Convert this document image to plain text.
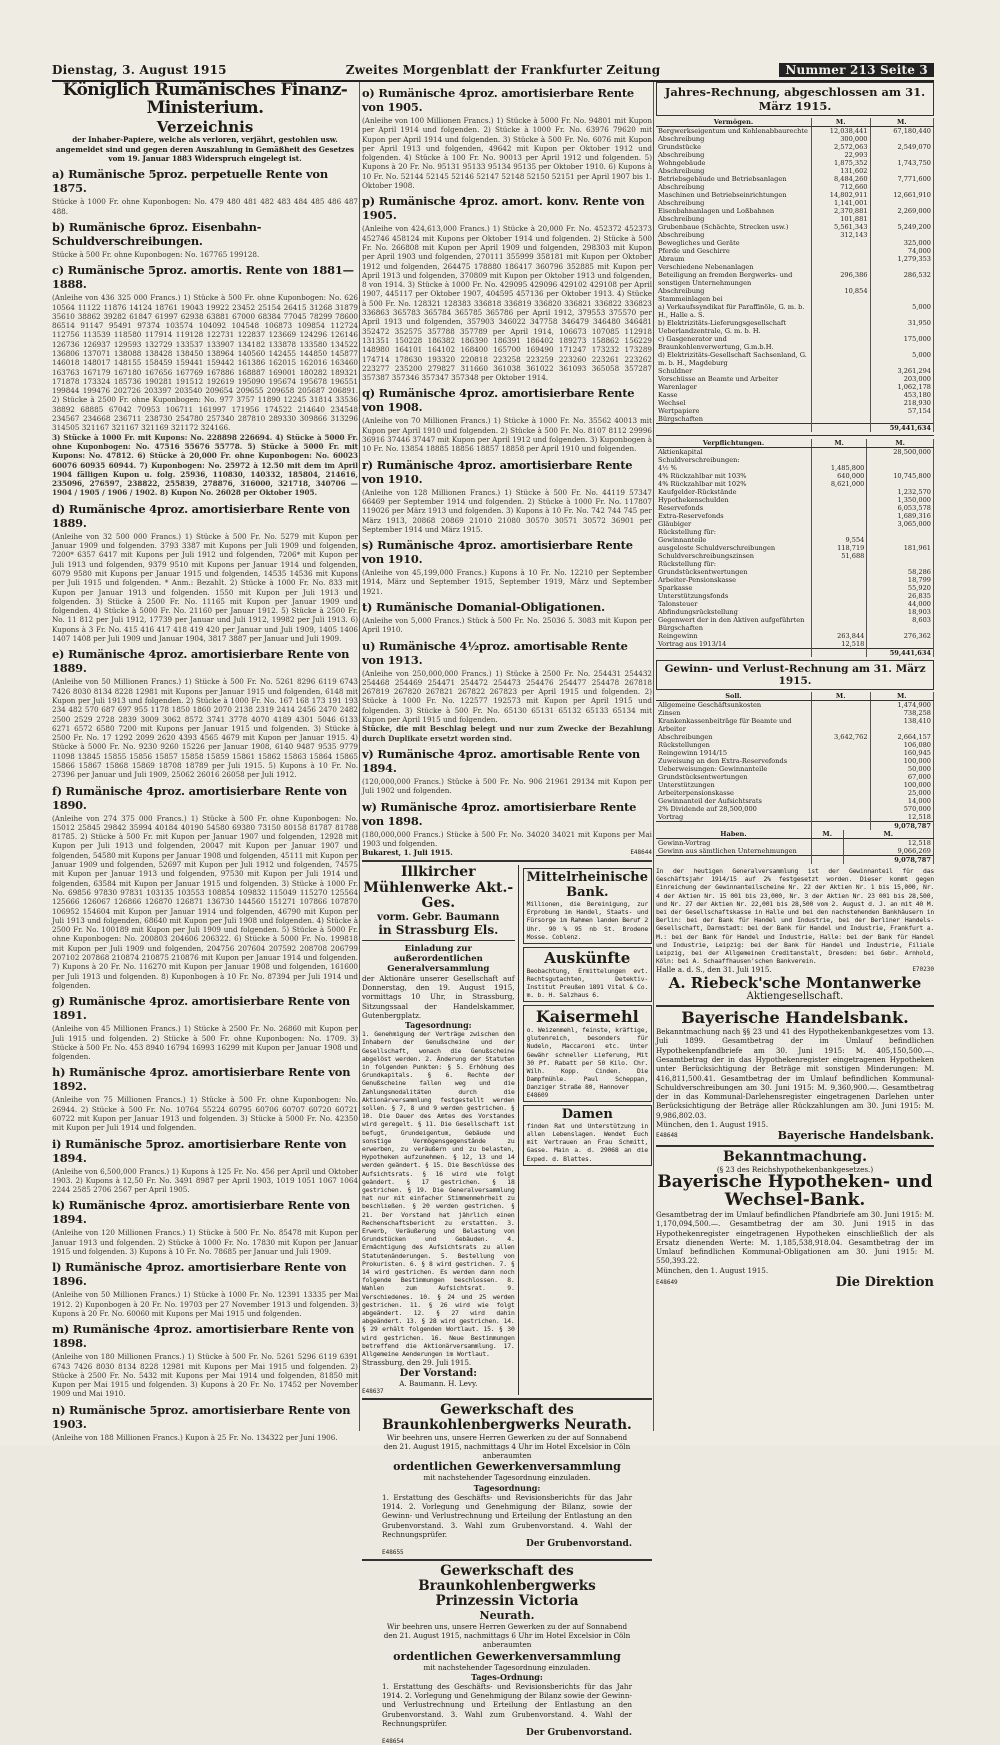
Dienstag, 3. August 1915	Zweites Morgenblatt der Frankfurter Zeitung	Nummer 213 Seite 3
Königlich Rumänisches Finanz-Ministerium.
Verzeichnis

der Inhaber-Papiere, welche als verloren, verjährt, gestohlen usw. angemeldet sind und gegen deren Auszahlung in Gemäßheit des Gesetzes vom 19. Januar 1883 Widerspruch eingelegt ist.

a) Rumänische 5proz. perpetuelle Rente von 1875.

Stücke à 1000 Fr. ohne Kuponbogen: No. 479 480 481 482 483 484 485 486 487 488.

b) Rumänische 6proz. Eisenbahn-Schuldverschreibungen.

Stücke à 500 Fr. ohne Kuponbogen: No. 167765 199128.

c) Rumänische 5proz. amortis. Rente von 1881—1888.

(Anleihe von 436 325 000 Francs.) 1) Stücke à 500 Fr. ohne Kuponbogen: No. 626 10564 11122 11876 14124 18761 19043 19922 23452 25154 26415 31268 31879 35610 38862 39282 61847 61997 62938 63881 67000 68384 77045 78299 78600 86514 91147 95491 97374 103574 104092 104548 106873 109854 112724 112756 113539 118580 117914 119128 122731 122837 123669 124296 126146 126736 126937 129593 132729 133537 133907 134182 133878 133580 134522 136806 137071 138088 138428 138450 138964 140560 142455 144850 145877 146018 148017 148155 158459 159441 159442 161386 162015 162016 163460 163763 167179 167180 167656 167769 167886 168887 169001 180282 189321 171878 173324 185736 190281 191512 192619 195090 195674 195678 196551 199844 199476 202726 203397 203540 209654 209655 209658 205687 206891. 2) Stücke à 2500 Fr. ohne Kuponbogen: No. 977 3757 11890 12245 31814 33536 38892 68885 67042 70953 106711 161997 171956 174522 214640 234548 234567 234668 236711 238730 254780 257340 287810 289330 309866 313296 314505 321167 321167 321169 321172 324166.

3) Stücke à 1000 Fr. mit Kupons: No. 228898 226694. 4) Stücke à 5000 Fr. ohne Kuponbogen: No. 47516 55676 55778. 5) Stücke à 5000 Fr. mit Kupons: No. 47812. 6) Stücke à 20,000 Fr. ohne Kuponbogen: No. 60023 60076 60935 60944. 7) Kuponbogen: No. 25972 à 12.50 mit dem im April 1904 fälligen Kupon u. folg. 25936, 110830, 140332, 185804, 214616, 235096, 276597, 238822, 255839, 278876, 316000, 321718, 340706 — 1904 / 1905 / 1906 / 1902. 8) Kupon No. 26028 per Oktober 1905.

d) Rumänische 4proz. amortisierbare Rente von 1889.

(Anleihe von 32 500 000 Francs.) 1) Stücke à 500 Fr. No. 5279 mit Kupon per Januar 1909 und folgenden. 3793 3387 mit Kupons per Juli 1909 und folgenden, 7200* 6357 6417 mit Kupons per Juli 1912 und folgenden, 7206* mit Kupon per Juli 1913 und folgenden, 9379 9510 mit Kupons per Januar 1914 und folgenden, 6079 9580 mit Kupons per Januar 1915 und folgenden, 14535 14536 mit Kupons per Juli 1915 und folgenden. * Anm.: Bezahlt. 2) Stücke à 1000 Fr. No. 833 mit Kupon per Januar 1913 und folgenden. 1550 mit Kupon per Juli 1913 und folgenden. 3) Stücke à 2500 Fr. No. 11165 mit Kupon per Januar 1909 und folgenden. 4) Stücke à 5000 Fr. No. 21160 per Januar 1912. 5) Stücke à 2500 Fr. No. 11 812 per Juli 1912, 17739 per Januar und Juli 1912, 19982 per Juli 1913. 6) Kupons à 3 Fr. No. 415 416 417 418 419 420 per Januar und Juli 1909, 1405 1406 1407 1408 per Juli 1909 und Januar 1904, 3817 3887 per Januar und Juli 1909.

e) Rumänische 4proz. amortisierbare Rente von 1889.

(Anleihe von 50 Millionen Francs.) 1) Stücke à 500 Fr. No. 5261 8296 6119 6743 7426 8030 8134 8228 12981 mit Kupons per Januar 1915 und folgenden, 6148 mit Kupon per Juli 1913 und folgenden. 2) Stücke à 1000 Fr. No. 167 168 173 191 193 234 482 570 687 697 955 1178 1850 1860 2070 2138 2319 2414 2456 2470 2482 2500 2529 2728 2839 3009 3062 8572 3741 3778 4070 4189 4301 5046 6133 6271 6572 6580 7200 mit Kupons per Januar 1915 und folgenden. 3) Stücke à 2500 Fr. No. 17 1292 2099 2620 4393 4565 4679 mit Kupon per Januar 1915. 4) Stücke à 5000 Fr. No. 9230 9260 15226 per Januar 1908, 6140 9487 9535 9779 11098 13845 15855 15856 15857 15858 15859 15861 15862 15863 15864 15865 15866 15867 15868 15869 18708 18789 per Juli 1915. 5) Kupons à 10 Fr. No. 27396 per Januar und Juli 1909, 25062 26016 26058 per Juli 1912.

f) Rumänische 4proz. amortisierbare Rente von 1890.

(Anleihe von 274 375 000 Francs.) 1) Stücke à 500 Fr. ohne Kuponbogen: No. 15012 25845 29842 35994 40184 40190 54580 69380 73150 80158 81787 81788 81785. 2) Stücke à 500 Fr. mit Kupon per Januar 1907 und folgenden, 12928 mit Kupon per Juli 1913 und folgenden, 20047 mit Kupon per Januar 1907 und folgenden, 54580 mit Kupons per Januar 1908 und folgenden, 45111 mit Kupon per Januar 1909 und folgenden, 52697 mit Kupon per Juli 1912 und folgenden, 74575 mit Kupon per Januar 1913 und folgenden, 97530 mit Kupon per Juli 1914 und folgenden, 63584 mit Kupon per Januar 1915 und folgenden. 3) Stücke à 1000 Fr. No. 69856 97830 97831 103135 103553 108854 109832 115049 115270 125564 125666 126067 126866 126870 126871 136730 144560 151271 107866 107870 106952 154604 mit Kupon per Januar 1914 und folgenden, 46790 mit Kupon per Juli 1913 und folgenden, 68640 mit Kupon per Juli 1908 und folgenden. 4) Stücke à 2500 Fr. No. 100189 mit Kupon per Juli 1909 und folgenden. 5) Stücke à 5000 Fr. ohne Kuponbogen: No. 200803 204606 206322. 6) Stücke à 5000 Fr. No. 199818 mit Kupon per Juli 1909 und folgenden, 204756 207604 207592 208708 206799 207102 207868 210874 210875 210876 mit Kupon per Januar 1914 und folgenden. 7) Kupons à 20 Fr. No. 116270 mit Kupon per Januar 1908 und folgenden, 161600 per Juli 1913 und folgenden. 8) Kuponbogen à 10 Fr. No. 87394 per Juli 1914 und folgenden.

g) Rumänische 4proz. amortisierbare Rente von 1891.

(Anleihe von 45 Millionen Francs.) 1) Stücke à 2500 Fr. No. 26860 mit Kupon per Juli 1915 und folgenden. 2) Stücke à 500 Fr. ohne Kuponbogen: No. 1709. 3) Stücke à 500 Fr. No. 453 8940 16794 16993 16299 mit Kupon per Januar 1908 und folgenden.

h) Rumänische 4proz. amortisierbare Rente von 1892.

(Anleihe von 75 Millionen Francs.) 1) Stücke à 500 Fr. ohne Kuponbogen: No. 26944. 2) Stücke à 500 Fr. No. 10764 55224 60795 60706 60707 60720 60721 60722 mit Kupon per Januar 1913 und folgenden. 3) Stücke à 5000 Fr. No. 42350 mit Kupon per Juli 1914 und folgenden.

i) Rumänische 5proz. amortisierbare Rente von 1894.

(Anleihe von 6,500,000 Francs.) 1) Kupons à 125 Fr. No. 456 per April und Oktober 1903. 2) Kupons à 12,50 Fr. No. 3491 8987 per April 1903, 1019 1051 1067 1064 2244 2585 2706 2567 per April 1905.

k) Rumänische 4proz. amortisierbare Rente von 1894.

(Anleihe von 120 Millionen Francs.) 1) Stücke à 500 Fr. No. 85478 mit Kupon per Januar 1913 und folgenden. 2) Stücke à 1000 Fr. No. 17830 mit Kupon per Januar 1915 und folgenden. 3) Kupons à 10 Fr. No. 78685 per Januar und Juli 1909.

l) Rumänische 4proz. amortisierbare Rente von 1896.

(Anleihe von 50 Millionen Francs.) 1) Stücke à 1000 Fr. No. 12391 13335 per Mai 1912. 2) Kuponbogen à 20 Fr. No. 19703 per 27 November 1913 und folgenden. 3) Kupons à 20 Fr. No. 60060 mit Kupons per Mai 1915 und folgenden.

m) Rumänische 4proz. amortisierbare Rente von 1898.

(Anleihe von 180 Millionen Francs.) 1) Stücke à 500 Fr. No. 5261 5296 6119 6391 6743 7426 8030 8134 8228 12981 mit Kupons per Mai 1915 und folgenden. 2) Stücke à 2500 Fr. No. 5432 mit Kupons per Mai 1914 und folgenden, 81850 mit Kupon per Mai 1915 und folgenden. 3) Kupons à 20 Fr. No. 17452 per November 1909 und Mai 1910.

n) Rumänische 5proz. amortisierbare Rente von 1903.

(Anleihe von 188 Millionen Francs.) Kupon à 25 Fr. No. 134322 per Juni 1906.

o) Rumänische 4proz. amortisierbare Rente von 1905.

(Anleihe von 100 Millionen Francs.) 1) Stücke à 5000 Fr. No. 94801 mit Kupon per April 1914 und folgenden. 2) Stücke à 1000 Fr. No. 63976 79620 mit Kupon per April 1914 und folgenden. 3) Stücke à 500 Fr. No. 6076 mit Kupon per April 1913 und folgenden, 49642 mit Kupon per Oktober 1912 und folgenden. 4) Stücke à 100 Fr. No. 90013 per April 1912 und folgenden. 5) Kupons à 20 Fr. No. 95131 95133 95134 95135 per Oktober 1910. 6) Kupons à 10 Fr. No. 52144 52145 52146 52147 52148 52150 52151 per April 1907 bis 1. Oktober 1908.

p) Rumänische 4proz. amort. konv. Rente von 1905.

(Anleihe von 424,613,000 Francs.) 1) Stücke à 20,000 Fr. No. 452372 452373 452746 458124 mit Kupons per Oktober 1914 und folgenden. 2) Stücke à 500 Fr. No. 266808 mit Kupon per April 1909 und folgenden, 298303 mit Kupon per April 1903 und folgenden, 270111 355999 358181 mit Kupon per Oktober 1912 und folgenden, 264475 178880 186417 360796 352885 mit Kupon per April 1913 und folgenden, 370809 mit Kupon per Oktober 1913 und folgenden, 8 von 1914. 3) Stücke à 1000 Fr. No. 429095 429096 429102 429108 per April 1907, 445117 per Oktober 1907, 404595 457136 per Oktober 1913. 4) Stücke à 500 Fr. No. 128321 128383 336818 336819 336820 336821 336822 336823 336863 365783 365784 365785 365786 per April 1912, 379553 375570 per April 1913 und folgenden, 357903 346022 347758 346479 346480 346481 352472 352575 357788 357789 per April 1914, 106673 107085 112918 131351 150228 186382 186390 186391 186402 189273 158862 156229 148980 164101 164102 168400 165700 169490 171247 173232 173289 174714 178630 193320 220818 223258 223259 223260 223261 223262 223277 235200 279827 311660 361038 361022 361093 365058 357287 357387 357346 357347 357348 per Oktober 1914.

q) Rumänische 4proz. amortisierbare Rente von 1908.

(Anleihe von 70 Millionen Francs.) 1) Stücke à 1000 Fr. No. 35562 40013 mit Kupon per April 1910 und folgenden. 2) Stücke à 500 Fr. No. 8107 8112 29996 36916 37446 37447 mit Kupon per April 1912 und folgenden. 3) Kuponbogen à 10 Fr. No. 13854 18885 18856 18857 18858 per April 1910 und folgenden.

r) Rumänische 4proz. amortisierbare Rente von 1910.

(Anleihe von 128 Millionen Francs.) 1) Stücke à 500 Fr. No. 44119 57347 66469 per September 1914 und folgenden. 2) Stücke à 1000 Fr. No. 117807 119026 per März 1913 und folgenden. 3) Kupons à 10 Fr. No. 742 744 745 per März 1913, 20868 20869 21010 21080 30570 30571 30572 36901 per September 1914 und März 1915.

s) Rumänische 4proz. amortisierbare Rente von 1910.

(Anleihe von 45,199,000 Francs.) Kupons à 10 Fr. No. 12210 per September 1914, März und September 1915, September 1919, März und September 1921.

t) Rumänische Domanial-Obligationen.

(Anleihe von 5,000 Francs.) Stück à 500 Fr. No. 25036 5. 3083 mit Kupon per April 1910.

u) Rumänische 4½proz. amortisable Rente von 1913.

(Anleihe von 250,000,000 Francs.) 1) Stücke à 2500 Fr. No. 254431 254432 254468 254469 254471 254472 254473 254476 254477 254478 267818 267819 267820 267821 267822 267823 per April 1915 und folgenden. 2) Stücke à 1000 Fr. No. 122577 192573 mit Kupon per April 1915 und folgenden. 3) Stücke à 500 Fr. No. 65130 65131 65132 65133 65134 mit Kupon per April 1915 und folgenden.

Stücke, die mit Beschlag belegt und nur zum Zwecke der Bezahlung durch Duplikate ersetzt worden sind.

v) Rumänische 4proz. amortisable Rente von 1894.

(120,000,000 Francs.) Stücke à 500 Fr. No. 906 21961 29134 mit Kupon per Juli 1902 und folgenden.

w) Rumänische 4proz. amortisierbare Rente von 1898.

(180,000,000 Francs.) Stücke à 500 Fr. No. 34020 34021 mit Kupons per Mai 1903 und folgenden.

Bukarest, 1. Juli 1915.	E48644
Illkircher Mühlenwerke Akt.-Ges.
vorm. Gebr. Baumann
in Strassburg Els.
Einladung zur außerordentlichen Generalversammlung

der Aktionäre unserer Gesellschaft auf Donnerstag, den 19. August 1915, vormittags 10 Uhr, in Strassburg, Sitzungssaal der Handelskammer, Gutenbergplatz.

Tagesordnung:

1. Genehmigung der Verträge zwischen den Inhabern der Genußscheine und der Gesellschaft, wonach die Genußscheine abgelöst werden. 2. Änderung der Statuten in folgenden Punkten: § 5. Erhöhung des Grundkapitals. § 6. Rechte der Genußscheine fallen weg und die Zahlungsmodalitäten durch die Aktionärversammlung festgestellt werden sollen. § 7, 8 und 9 werden gestrichen. § 10. Die Dauer des Amtes des Vorstandes wird geregelt. § 11. Die Gesellschaft ist befugt, Grundeigentum, Gebäude und sonstige Vermögensgegenstände zu erwerben, zu veräußern und zu belasten, Hypotheken aufzunehmen. § 12, 13 und 14 werden geändert. § 15. Die Beschlüsse des Aufsichtsrats. § 16 wird wie folgt geändert. § 17 gestrichen. § 18 gestrichen. § 19. Die Generalversammlung hat nur mit einfacher Stimmenmehrheit zu beschließen. § 20 werden gestrichen. § 21. Der Vorstand hat jährlich einen Rechenschaftsbericht zu erstatten. 3. Erwerb, Veräußerung und Belastung von Grundstücken und Gebäuden. 4. Ermächtigung des Aufsichtsrats zu allen Statutenänderungen. 5. Bestellung von Prokuristen. 6. § 8 wird gestrichen. 7. § 14 wird gestrichen. Es werden dann noch folgende Bestimmungen beschlossen. 8. Wahlen zum Aufsichtsrat. 9. Verschiedenes. 10. § 24 und 25 werden gestrichen. 11. § 26 wird wie folgt abgeändert. 12. § 27 wird dahin abgeändert. 13. § 28 wird gestrichen. 14. § 29 erhält folgenden Wortlaut. 15. § 30 wird gestrichen. 16. Neue Bestimmungen betreffend die Aktionärversammlung. 17. Allgemeine Aenderungen im Wortlaut.

Strassburg, den 29. Juli 1915.

Der Vorstand:
A. Baumann. H. Levy.
E48637
Mittelrheinische Bank.

Millionen, die Bereinigung, zur Erprobung im Handel, Staats- und Fürsorge im Rahmen landen Beruf 2 Uhr. 90 % 95 nb St. Brodene Mosse. Coblenz.

Auskünfte

Beobachtung, Ermittelungen evt. Rechtsgutachten, Detektiv-Institut Preußen 1891 Vital & Co. m. b. H. Salzhaus 6.

Kaisermehl

o. Weizenmehl, feinste, kräftige, glutenreich, besonders für Nudeln, Maccaroni etc. Unter Gewähr schneller Lieferung, Mit 30 Pf. Rabatt per 50 Kilo. Chr. Wilh. Kopp. Cinden. Die Dampfmühle. Paul Scheppan, Danziger Straße 80, Hannover

E48609
Damen

finden Rat und Unterstützung in allen Lebenslagen. Wendet Euch mit Vertrauen an Frau Schmitt, Gasse. Main a. d. 29068 an die Exped. d. Blattes.

Gewerkschaft des Braunkohlenbergwerks Neurath.

Wir beehren uns, unsere Herren Gewerken zu der auf Sonnabend den 21. August 1915, nachmittags 4 Uhr im Hotel Excelsior in Cöln anberaumten

ordentlichen Gewerkenversammlung

mit nachstehender Tagesordnung einzuladen.

Tagesordnung:

1. Erstattung des Geschäfts- und Revisionsberichts für das Jahr 1914. 2. Vorlegung und Genehmigung der Bilanz, sowie der Gewinn- und Verlustrechnung und Erteilung der Entlastung an den Grubenvorstand. 3. Wahl zum Grubenvorstand. 4. Wahl der Rechnungsprüfer.

Der Grubenvorstand.
E48655
Gewerkschaft des Braunkohlenbergwerks Prinzessin Victoria
Neurath.

Wir beehren uns, unsere Herren Gewerken zu der auf Sonnabend den 21. August 1915, nachmittags 6 Uhr im Hotel Excelsior in Cöln anberaumten

ordentlichen Gewerkenversammlung

mit nachstehender Tagesordnung einzuladen.

Tages-Ordnung:

1. Erstattung des Geschäfts- und Revisionsberichts für das Jahr 1914. 2. Vorlegung und Genehmigung der Bilanz sowie der Gewinn- und Verlustrechnung und Erteilung der Entlastung an den Grubenvorstand. 3. Wahl zum Grubenvorstand. 4. Wahl der Rechnungsprüfer.

Der Grubenvorstand.
E48654
Jahres-Rechnung, abgeschlossen am 31. März 1915.
Vermögen.	M.	M.
Bergwerkseigentum und Kohlenabbaurechte	12,038,441	67,180,440
Abschreibung	300,000	
Grundstücke	2,572,063	2,549,070
Abschreibung	22,993	
Wohngebäude	1,875,352	1,743,750
Abschreibung	131,602	
Betriebsgebäude und Betriebsanlagen	8,484,260	7,771,600
Abschreibung	712,660	
Maschinen und Betriebseinrichtungen	14,802,911	12,661,910
Abschreibung	1,141,001	
Eisenbahnanlagen und Loßbahnen	2,370,881	2,269,000
Abschreibung	101,881	
Grubenbaue (Schächte, Strecken usw.)	5,561,343	5,249,200
Abschreibung	312,143	
Bewegliches und Geräte		325,000
Pferde und Geschirre		74,000
Abraum		1,279,353
Verschiedene Nebenanlagen		
Beteiligung an fremden Bergwerks- und sonstigen Unternehmungen	296,386	286,532
Abschreibung	10,854	
Stammeinlagen bei		
a) Verkaufssyndikat für Paraffinöle, G. m. b. H., Halle a. S.		5,000
b) Elektrizitäts-Lieferungsgesellschaft Ueberlandzentrale, G. m. b. H.		31,950
c) Gasgenerator und Braunkohlenverwertung, G.m.b.H.		175,000
d) Elektrizitäts-Gesellschaft Sachsenland, G. m. b. H., Magdeburg		5,000
Schuldner		3,261,294
Vorschüsse an Beamte und Arbeiter		203,000
Warenlager		1,062,178
Kasse		453,180
Wechsel		218,930
Wertpapiere		57,154
Bürgschaften		
		59,441,634
Verpflichtungen.	M.	M.
Aktienkapital		28,500,000
Schuldverschreibungen:		
4½ %	1,485,800	
4% Rückzahlbar mit 103%	640,000	10,745,800
4% Rückzahlbar mit 102%	8,621,000	
Kaufgelder-Rückstände		1,232,570
Hypothekenschulden		1,350,000
Reservefonds		6,053,578
Extra-Reservefonds		1,689,316
Gläubiger		3,065,000
Rückstellung für:		
Gewinnanteile	9,554	
ausgeloste Schuldverschreibungen	118,719	181,961
Schuldverschreibungszinsen	51,688	
Rückstellung für:		
Grundstücksentwertungen		58,286
Arbeiter-Pensionskasse		18,799
Sparkasse		55,920
Unterstützungsfonds		26,835
Talonsteuer		44,000
Abfindungsrückstellung		18,903
Gegenwert der in den Aktiven aufgeführten Bürgschaften		8,603
Reingewinn	263,844	276,362
Vortrag aus 1913/14	12,518	
		59,441,634
Gewinn- und Verlust-Rechnung am 31. März 1915.
Soll.	M.	M.
Allgemeine Geschäftsunkosten		1,474,900
Zinsen		738,258
Krankenkassenbeiträge für Beamte und Arbeiter		138,410
Abschreibungen	3,642,762	2,664,157
Rückstellungen		106,080
Reingewinn 1914/15		160,945
Zuweisung an den Extra-Reservefonds		100,000
Ueberweisungen: Gewinnanteile		50,000
Grundstücksentwertungen		67,000
Unterstützungen		100,000
Arbeiterpensionskasse		25,000
Gewinnanteil der Aufsichtsrats		14,000
2% Dividende auf 28,500,000		570,000
Vortrag		12,518
		9,078,787
Haben.	M.	M.
Gewinn-Vortrag		12,518
Gewinn aus sämtlichen Unternehmungen		9,066,269
		9,078,787

In der heutigen Generalversammlung ist der Gewinnanteil für das Geschäftsjahr 1914/15 auf 2% festgesetzt worden. Dieser kommt gegen Einreichung der Gewinnanteilscheine Nr. 22 der Aktien Nr. 1 bis 15,000, Nr. 4 der Aktien Nr. 15 001 bis 23,000, Nr. 3 der Aktien Nr. 23 001 bis 28,500, und Nr. 27 der Aktien Nr. 22,001 bis 28,500 vom 2. August d. J. an mit 40 M. bei der Gesellschaftskasse in Halle und bei den nachstehenden Bankhäusern in Berlin: bei der Bank für Handel und Industrie, bei der Berliner Handels-Gesellschaft, Darmstadt: bei der Bank für Handel und Industrie, Frankfurt a. M.: bei der Bank für Handel und Industrie, Halle: bei der Bank für Handel und Industrie, Leipzig: bei der Bank für Handel und Industrie, Filiale Leipzig, bei der Allgemeinen Creditanstalt, Dresden: bei Gebr. Arnhold, Köln: bei A. Schaaffhausen'schen Bankverein.

Halle a. d. S., den 31. Juli 1915.	E70230
A. Riebeck'sche Montanwerke
Aktiengesellschaft.
Bayerische Handelsbank.

Bekanntmachung nach §§ 23 und 41 des Hypothekenbankgesetzes vom 13. Juli 1899. Gesamtbetrag der im Umlauf befindlichen Hypothekenpfandbriefe am 30. Juni 1915: M. 405,150,500.—. Gesamtbetrag der in das Hypothekenregister eingetragenen Hypotheken unter Berücksichtigung der Beträge mit sonstigen Minderungen: M. 416,811,500.41. Gesamtbetrag der im Umlauf befindlichen Kommunal-Schuldverschreibungen am 30. Juni 1915: M. 9,360,900.—. Gesamtbetrag der in das Kommunal-Darlehensregister eingetragenen Darlehen unter Berücksichtigung der Beträge aller Rückzahlungen am 30. Juni 1915: M. 9,986,802.03.

München, den 1. August 1915.

E48648	Bayerische Handelsbank.
Bekanntmachung.
(§ 23 des Reichshypothekenbankgesetzes.)
Bayerische Hypotheken- und Wechsel-Bank.

Gesamtbetrag der im Umlauf befindlichen Pfandbriefe am 30. Juni 1915: M. 1,170,094,500.—. Gesamtbetrag der am 30. Juni 1915 in das Hypothekenregister eingetragenen Hypotheken einschließlich der als Ersatz dienenden Werte: M. 1,185,538,918.04. Gesamtbetrag der im Umlauf befindlichen Kommunal-Obligationen am 30. Juni 1915: M. 550,393.22.

München, den 1. August 1915.

E48649	Die Direktion
